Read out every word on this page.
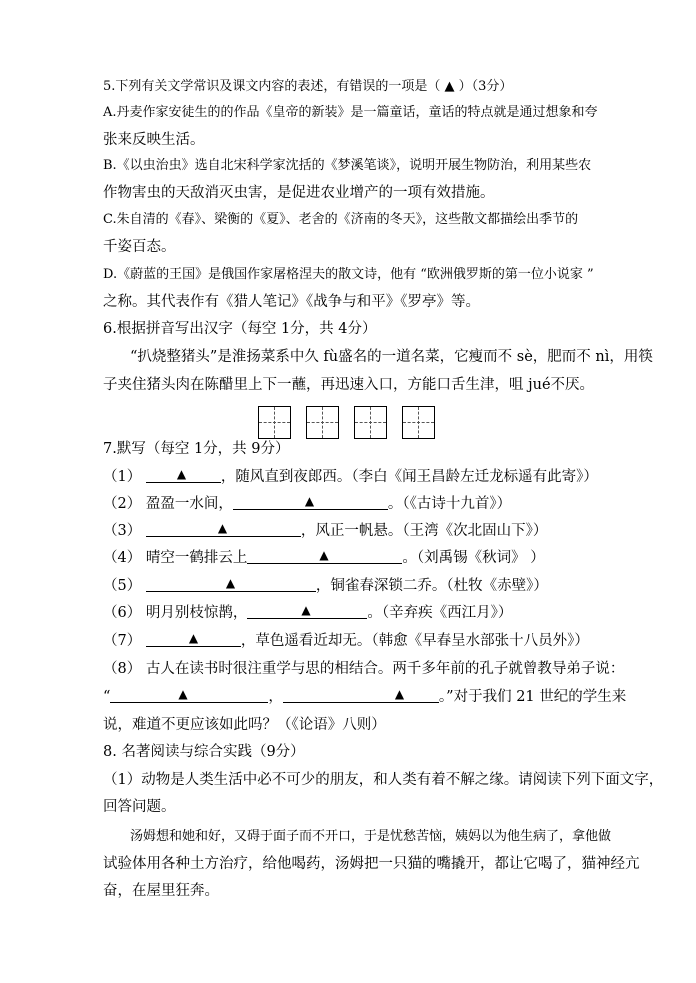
5.下列有关文学常识及课文内容的表述，有错误的一项是（ ▲ ）（3分）
A.丹麦作家安徒生的的作品《皇帝的新装》是一篇童话，童话的特点就是通过想象和夸
张来反映生活。
B.《以虫治虫》选自北宋科学家沈括的《梦溪笔谈》，说明开展生物防治，利用某些农
作物害虫的天敌消灭虫害，是促进农业增产的一项有效措施。
C.朱自清的《春》、梁衡的《夏》、老舍的《济南的冬天》，这些散文都描绘出季节的
千姿百态。
D.《蔚蓝的王国》是俄国作家屠格涅夫的散文诗，他有 “欧洲俄罗斯的第一位小说家 ”
之称。其代表作有《猎人笔记》《战争与和平》《罗亭》等。
6.根据拼音写出汉字（每空 1分，共 4分）
“扒烧整猪头”是淮扬菜系中久 fù盛名的一道名菜，它瘦而不 sè，肥而不 nì，用筷
子夹住猪头肉在陈醋里上下一蘸，再迅速入口，方能口舌生津，咀 jué不厌。
7.默写（每空 1分，共 9分）
（1）	▲ ，随风直到夜郎西。（李白《闻王昌龄左迁龙标遥有此寄》）
（2） 盈盈一水间，	▲	。（《古诗十九首》）
（3）	▲	，风正一帆悬。（王湾《次北固山下》）
（4） 晴空一鹤排云上	▲	。（刘禹锡《秋词》 ）
（5）	▲	，铜雀春深锁二乔。（杜牧《赤壁》）
（6） 明月别枝惊鹊，	▲	。（辛弃疾《西江月》）
（7）	▲	，草色遥看近却无。（韩愈《早春呈水部张十八员外》）
（8） 古人在读书时很注重学与思的相结合。两千多年前的孔子就曾教导弟子说：
“	▲	，	▲ 。”对于我们 21 世纪的学生来
说，难道不更应该如此吗？（《论语》八则）
8. 名著阅读与综合实践（9分）
（1）动物是人类生活中必不可少的朋友，和人类有着不解之缘。请阅读下列下面文字，
回答问题。
汤姆想和她和好，又碍于面子而不开口，于是忧愁苦恼，姨妈以为他生病了，拿他做
试验体用各种土方治疗，给他喝药，汤姆把一只猫的嘴撬开，都让它喝了，猫神经亢
奋，在屋里狂奔。
